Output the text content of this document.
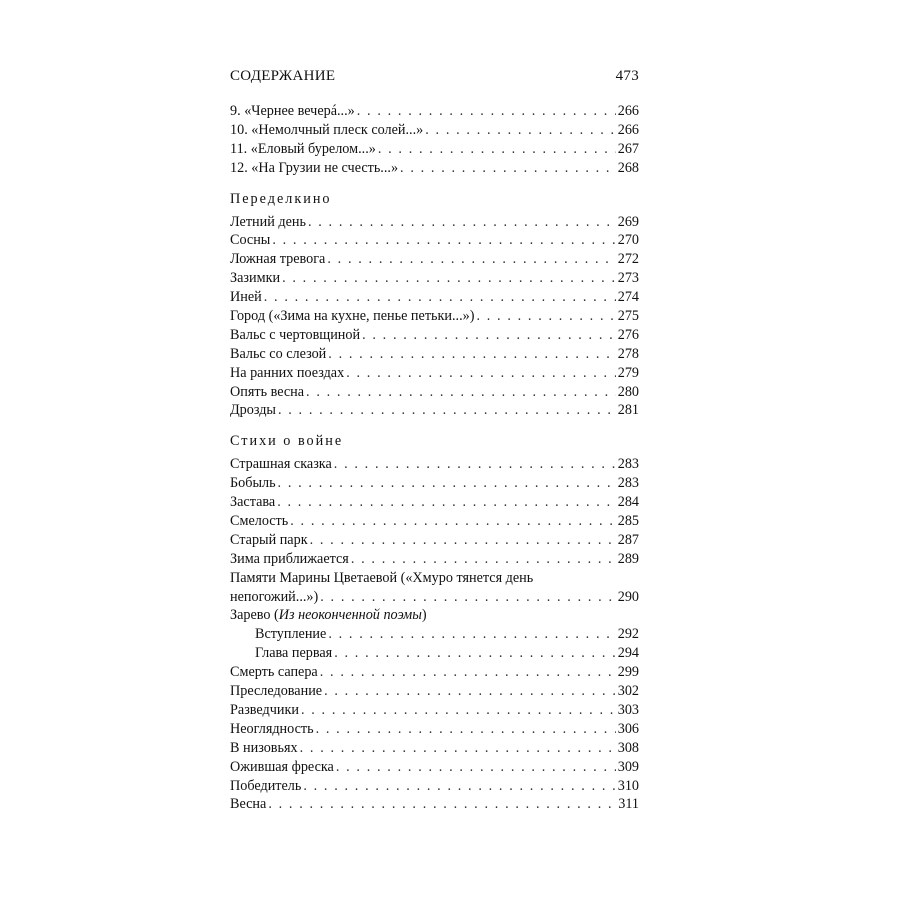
СОДЕРЖАНИЕ	473
9. «Чернее вечерá...» . . .	266
10. «Немолчный плеск солей...» . . .	266
11. «Еловый бурелом...» . . .	267
12. «На Грузии не счесть...» . . .	268
Переделкино
Летний день . . .	269
Сосны . . .	270
Ложная тревога . . .	272
Зазимки . . .	273
Иней . . .	274
Город («Зима на кухне, пенье петьки...») . . .	275
Вальс с чертовщиной . . .	276
Вальс со слезой . . .	278
На ранних поездах . . .	279
Опять весна . . .	280
Дрозды . . .	281
Стихи о войне
Страшная сказка . . .	283
Бобыль . . .	283
Застава . . .	284
Смелость . . .	285
Старый парк . . .	287
Зима приближается . . .	289
Памяти Марины Цветаевой («Хмуро тянется день
непогожий...») . . .	290
Зарево (Из неоконченной поэмы)
Вступление . . .	292
Глава первая . . .	294
Смерть сапера . . .	299
Преследование . . .	302
Разведчики . . .	303
Неоглядность . . .	306
В низовьях . . .	308
Ожившая фреска . . .	309
Победитель . . .	310
Весна . . .	311
